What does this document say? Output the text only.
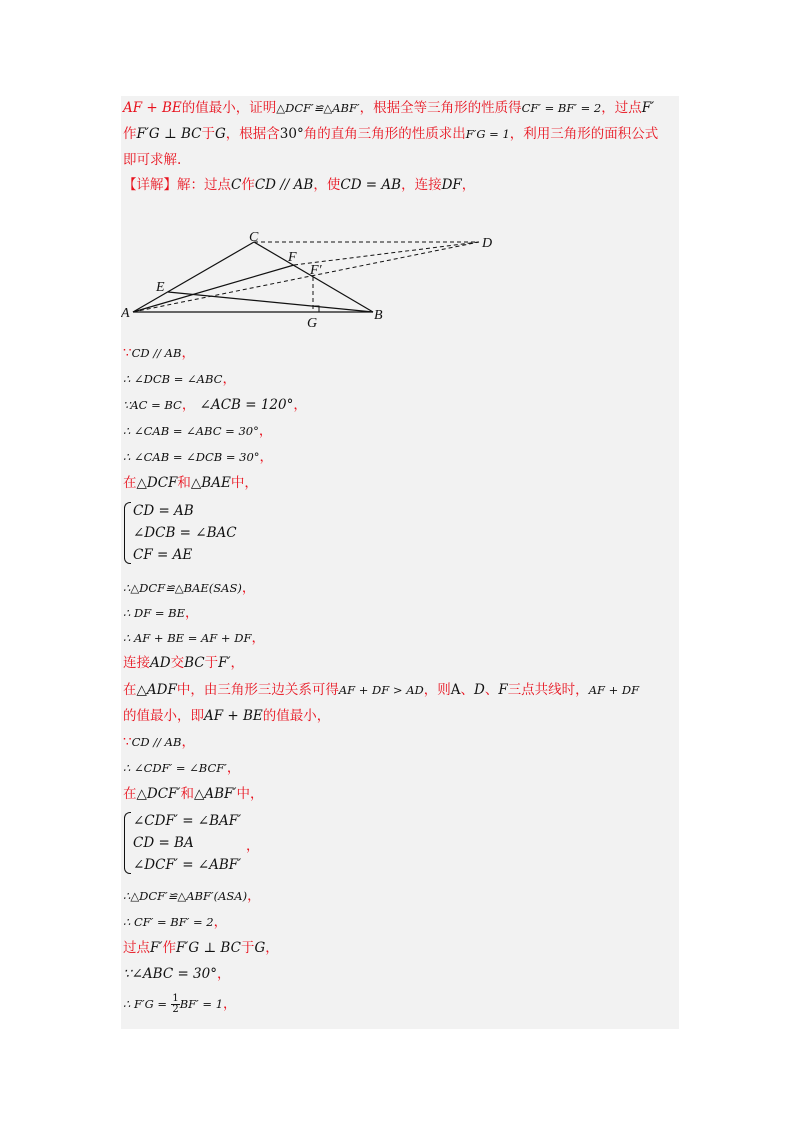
AF + BE的值最小，证明△DCF′≌△ABF′，根据全等三角形的性质得CF′ = BF′ = 2，过点F′
作F′G ⊥ BC于G，根据含30°角的直角三角形的性质求出F′G = 1，利用三角形的面积公式
即可求解.
【详解】解：过点C作CD // AB，使CD = AB，连接DF，
A	B
C	D
E
F
F′
G
∵CD // AB，
∴ ∠DCB = ∠ABC，
∵AC = BC， ∠ACB = 120°，
∴ ∠CAB = ∠ABC = 30°，
∴ ∠CAB = ∠DCB = 30°，
在△DCF和△BAE中，
CD = AB
∠DCB = ∠BAC
CF = AE
∴△DCF≌△BAE(SAS)，
∴ DF = BE，
∴ AF + BE = AF + DF，
连接AD交BC于F′，
在△ADF中，由三角形三边关系可得AF + DF > AD，则A、D、F三点共线时，AF + DF
的值最小，即AF + BE的值最小，
∵CD // AB，
∴ ∠CDF′ = ∠BCF′，
在△DCF′和△ABF′中，
∠CDF′ = ∠BAF′
CD = BA
∠DCF′ = ∠ABF′
，
∴△DCF′≌△ABF′(ASA)，
∴ CF′ = BF′ = 2，
过点F′作F′G ⊥ BC于G，
∵∠ABC = 30°，
∴ $F'G = \frac{1}{2} BF' = 1$，
